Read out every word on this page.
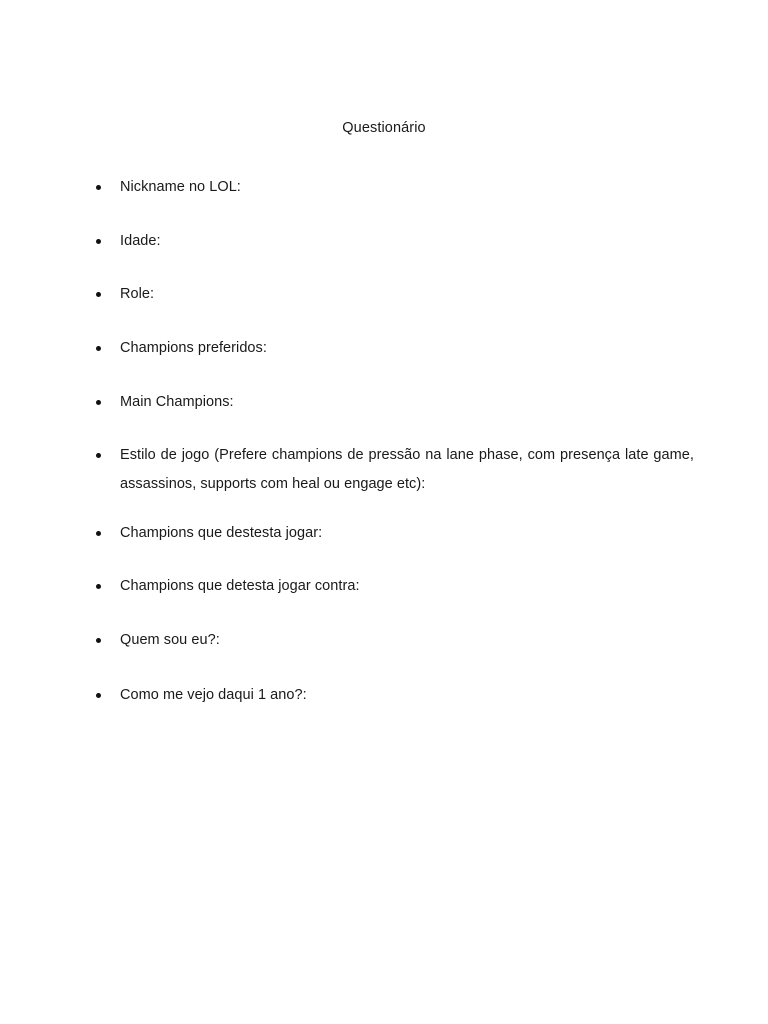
Questionário
Nickname no LOL:
Idade:
Role:
Champions preferidos:
Main Champions:
Estilo de jogo (Prefere champions de pressão na lane phase, com presença late game, assassinos, supports com heal ou engage etc):
Champions que destesta jogar:
Champions que detesta jogar contra:
Quem sou eu?:
Como me vejo daqui 1 ano?:
